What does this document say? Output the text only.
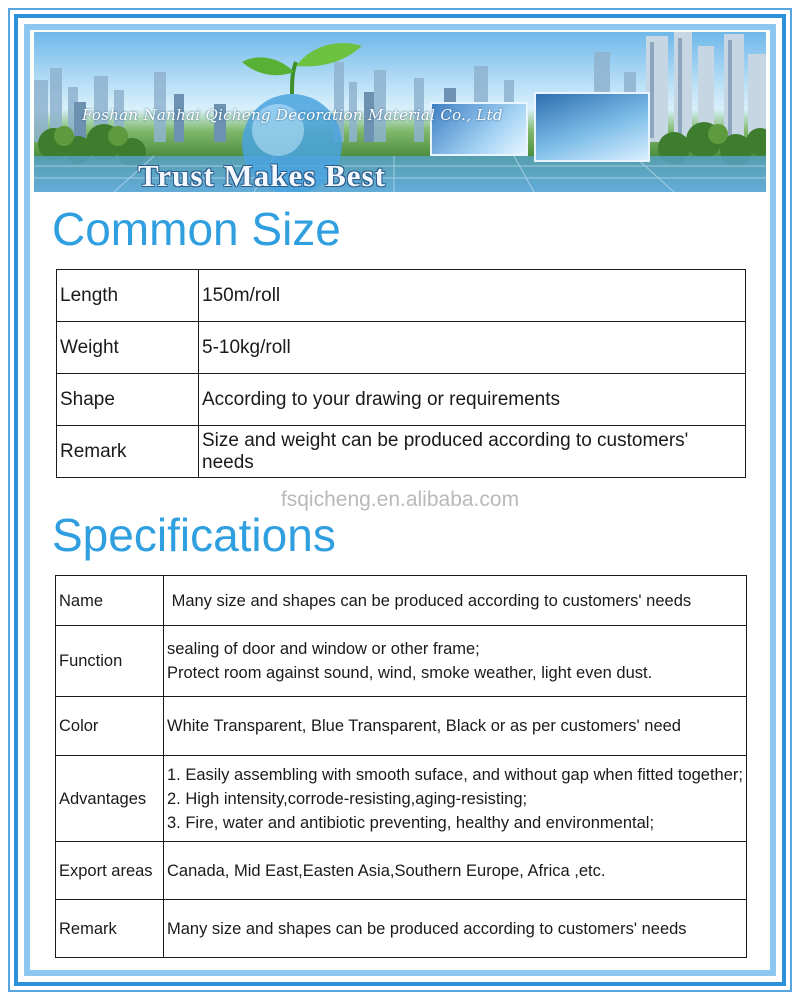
Foshan Nanhai Qicheng Decoration Material Co., Ltd
Trust Makes Best
Common Size
Length	150m/roll
Weight	5-10kg/roll
Shape	According to your drawing or requirements
Remark	Size and weight can be produced according to customers' needs
fsqicheng.en.alibaba.com
Specifications
Name	Many size and shapes can be produced according to customers' needs

Function	sealing of door and window or other frame;
Protect room against sound, wind, smoke weather, light even dust.

Color	White Transparent, Blue Transparent, Black or as per customers' need

Advantages	1. Easily assembling with smooth suface, and without gap when fitted together;
2. High intensity,corrode-resisting,aging-resisting;
3. Fire, water and antibiotic preventing, healthy and environmental;

Export areas	Canada, Mid East,Easten Asia,Southern Europe, Africa ,etc.

Remark	Many size and shapes can be produced according to customers' needs
